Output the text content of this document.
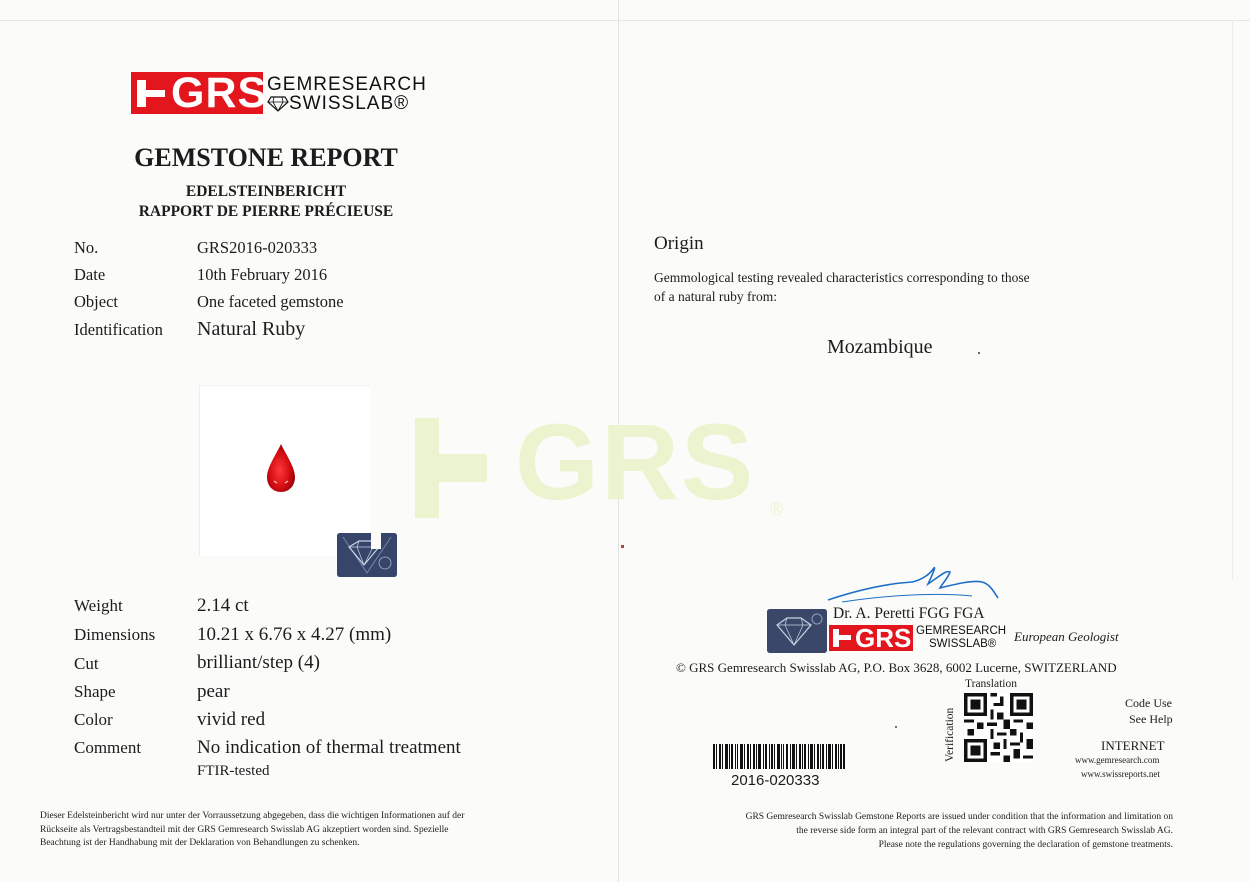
GRS ®
GRS GEMRESEARCH
SWISSLAB®
GEMSTONE REPORT
EDELSTEINBERICHT
RAPPORT DE PIERRE PRÉCIEUSE
No.	GRS2016-020333
Date	10th February 2016
Object	One faceted gemstone
Identification Natural Ruby
Weight	2.14 ct
Dimensions 10.21 x 6.76 x 4.27 (mm)
Cut	brilliant/step (4)
Shape	pear
Color	vivid red
Comment	No indication of thermal treatment
FTIR-tested
Dieser Edelsteinbericht wird nur unter der Vorraussetzung abgegeben, dass die wichtigen Informationen auf der
Rückseite als Vertragsbestandteil mit der GRS Gemresearch Swisslab AG akzeptiert worden sind. Spezielle
Beachtung ist der Handhabung mit der Deklaration von Behandlungen zu schenken.
Origin
Gemmological testing revealed characteristics corresponding to those
of a natural ruby from:
Mozambique
Dr. A. Peretti FGG FGA
GRS GEMRESEARCH
SWISSLAB® European Geologist
© GRS Gemresearch Swisslab AG, P.O. Box 3628, 6002 Lucerne, SWITZERLAND
Translation
Verification
Code Use
See Help
INTERNET
www.gemresearch.com
www.swissreports.net
2016-020333
GRS Gemresearch Swisslab Gemstone Reports are issued under condition that the information and limitation on
the reverse side form an integral part of the relevant contract with GRS Gemresearch Swisslab AG.
Please note the regulations governing the declaration of gemstone treatments.
